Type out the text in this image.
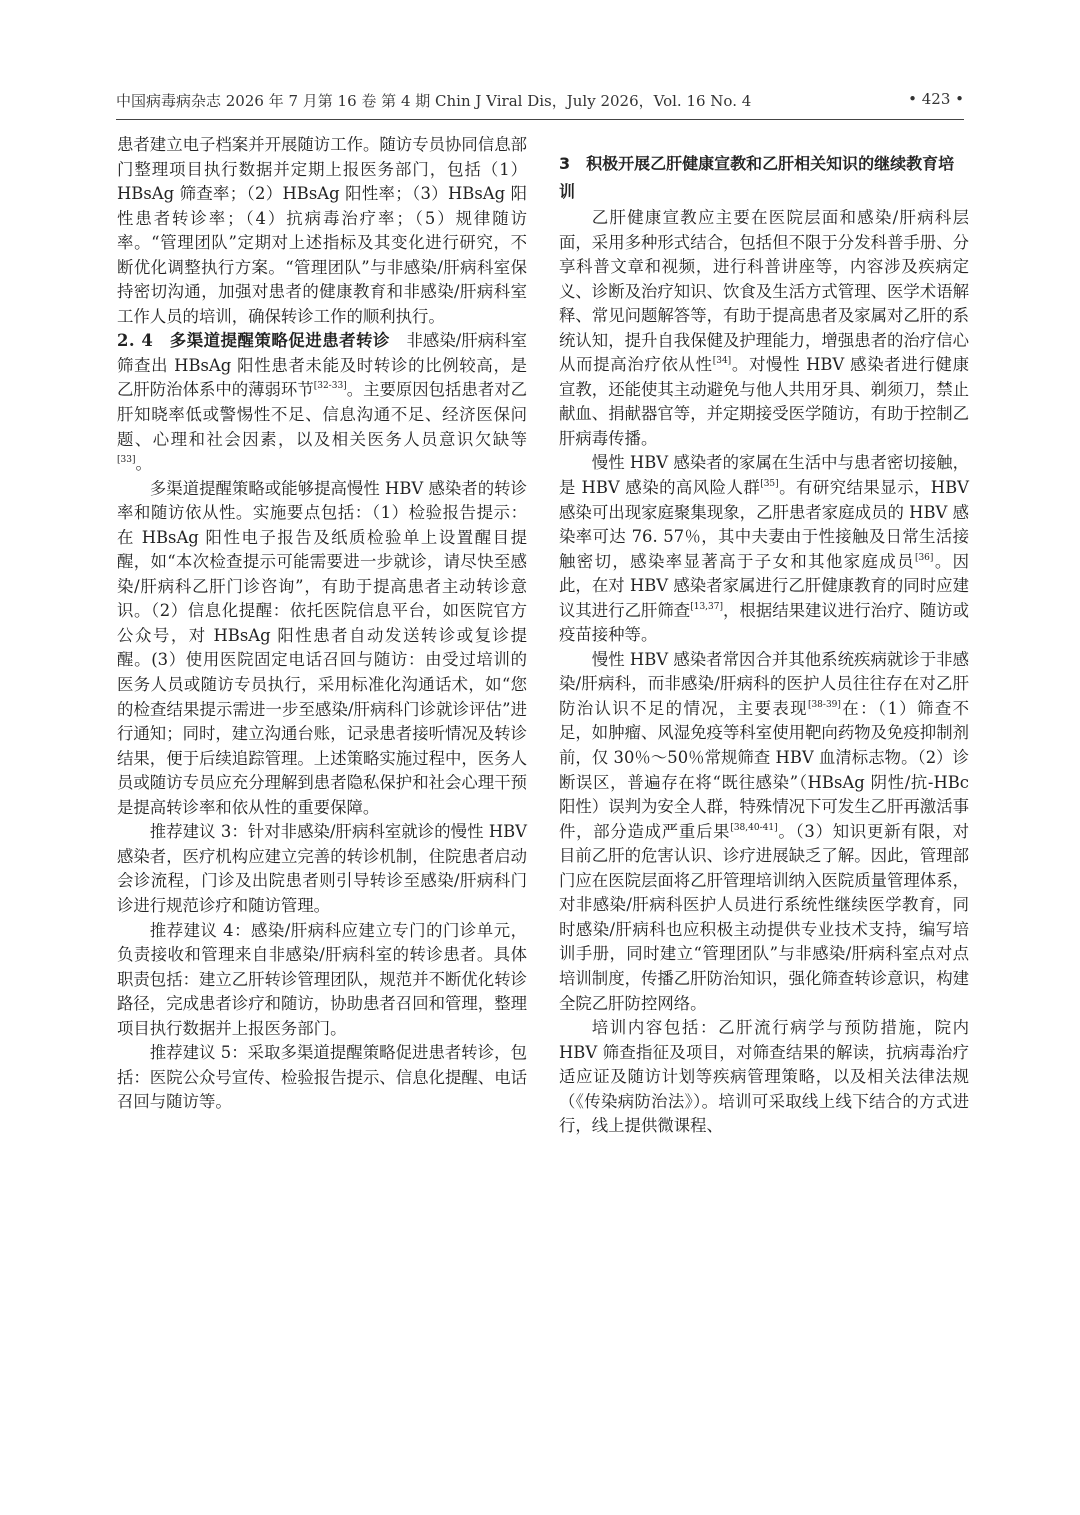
中国病毒病杂志 2026 年 7 月第 16 卷 第 4 期 Chin J Viral Dis，July 2026，Vol. 16 No. 4	• 423 •

患者建立电子档案并开展随访工作。随访专员协同信息部门整理项目执行数据并定期上报医务部门，包括（1）HBsAg 筛查率；（2）HBsAg 阳性率；（3）HBsAg 阳性患者转诊率；（4）抗病毒治疗率；（5）规律随访率。“管理团队”定期对上述指标及其变化进行研究，不断优化调整执行方案。“管理团队”与非感染/肝病科室保持密切沟通，加强对患者的健康教育和非感染/肝病科室工作人员的培训，确保转诊工作的顺利执行。

2. 4　 多渠道提醒策略促进患者转诊　 非感染/肝病科室筛查出 HBsAg 阳性患者未能及时转诊的比例较高，是乙肝防治体系中的薄弱环节[32-33]。主要原因包括患者对乙肝知晓率低或警惕性不足、信息沟通不足、经济医保问题、心理和社会因素，以及相关医务人员意识欠缺等[33]。

多渠道提醒策略或能够提高慢性 HBV 感染者的转诊率和随访依从性。实施要点包括：（1）检验报告提示：在 HBsAg 阳性电子报告及纸质检验单上设置醒目提醒，如“本次检查提示可能需要进一步就诊，请尽快至感染/肝病科乙肝门诊咨询”，有助于提高患者主动转诊意识。（2）信息化提醒：依托医院信息平台，如医院官方公众号，对 HBsAg 阳性患者自动发送转诊或复诊提醒。(3）使用医院固定电话召回与随访：由受过培训的医务人员或随访专员执行，采用标准化沟通话术，如“您的检查结果提示需进一步至感染/肝病科门诊就诊评估”进行通知；同时，建立沟通台账，记录患者接听情况及转诊结果，便于后续追踪管理。上述策略实施过程中，医务人员或随访专员应充分理解到患者隐私保护和社会心理干预是提高转诊率和依从性的重要保障。

推荐建议 3：针对非感染/肝病科室就诊的慢性 HBV 感染者，医疗机构应建立完善的转诊机制，住院患者启动会诊流程，门诊及出院患者则引导转诊至感染/肝病科门诊进行规范诊疗和随访管理。

推荐建议 4：感染/肝病科应建立专门的门诊单元，负责接收和管理来自非感染/肝病科室的转诊患者。具体职责包括：建立乙肝转诊管理团队，规范并不断优化转诊路径，完成患者诊疗和随访，协助患者召回和管理，整理项目执行数据并上报医务部门。

推荐建议 5：采取多渠道提醒策略促进患者转诊，包括：医院公众号宣传、检验报告提示、信息化提醒、电话召回与随访等。

3　积极开展乙肝健康宣教和乙肝相关知识的继续教育培训

乙肝健康宣教应主要在医院层面和感染/肝病科层面，采用多种形式结合，包括但不限于分发科普手册、分享科普文章和视频，进行科普讲座等，内容涉及疾病定义、诊断及治疗知识、饮食及生活方式管理、医学术语解释、常见问题解答等，有助于提高患者及家属对乙肝的系统认知，提升自我保健及护理能力，增强患者的治疗信心从而提高治疗依从性[34]。对慢性 HBV 感染者进行健康宣教，还能使其主动避免与他人共用牙具、剃须刀，禁止献血、捐献器官等，并定期接受医学随访，有助于控制乙肝病毒传播。

慢性 HBV 感染者的家属在生活中与患者密切接触，是 HBV 感染的高风险人群[35]。有研究结果显示，HBV 感染可出现家庭聚集现象，乙肝患者家庭成员的 HBV 感染率可达 76. 57％，其中夫妻由于性接触及日常生活接触密切，感染率显著高于子女和其他家庭成员[36]。因此，在对 HBV 感染者家属进行乙肝健康教育的同时应建议其进行乙肝筛查[13,37]，根据结果建议进行治疗、随访或疫苗接种等。

慢性 HBV 感染者常因合并其他系统疾病就诊于非感染/肝病科，而非感染/肝病科的医护人员往往存在对乙肝防治认识不足的情况，主要表现[38-39]在：（1）筛查不足，如肿瘤、风湿免疫等科室使用靶向药物及免疫抑制剂前，仅 30％～50％常规筛查 HBV 血清标志物。（2）诊断误区，普遍存在将“既往感染”（HBsAg 阴性/抗-HBc 阳性）误判为安全人群，特殊情况下可发生乙肝再激活事件，部分造成严重后果[38,40-41]。（3）知识更新有限，对目前乙肝的危害认识、诊疗进展缺乏了解。因此，管理部门应在医院层面将乙肝管理培训纳入医院质量管理体系，对非感染/肝病科医护人员进行系统性继续医学教育，同时感染/肝病科也应积极主动提供专业技术支持，编写培训手册，同时建立“管理团队”与非感染/肝病科室点对点培训制度，传播乙肝防治知识，强化筛查转诊意识，构建全院乙肝防控网络。

培训内容包括：乙肝流行病学与预防措施，院内 HBV 筛查指征及项目，对筛查结果的解读，抗病毒治疗适应证及随访计划等疾病管理策略，以及相关法律法规（《传染病防治法》）。培训可采取线上线下结合的方式进行，线上提供微课程、
